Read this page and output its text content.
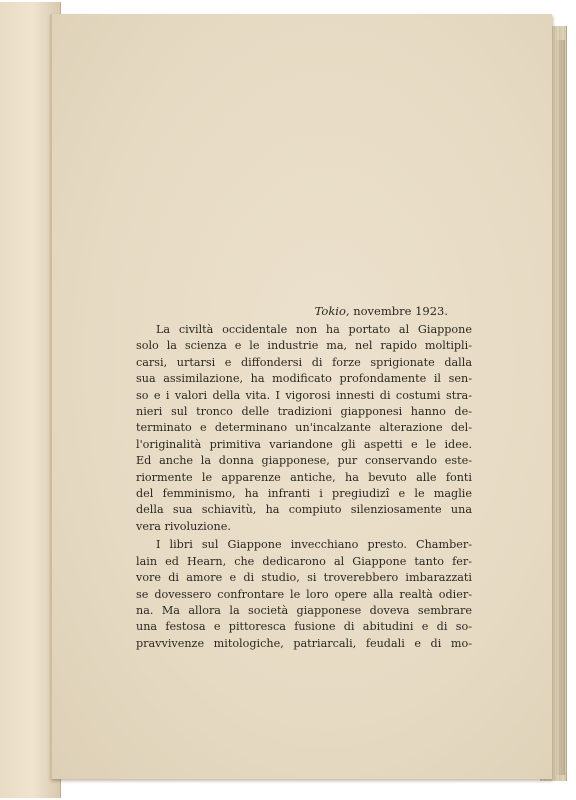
Tokio, novembre 1923.
La civiltà occidentale non ha portato al Giappone
solo la scienza e le industrie ma, nel rapido moltipli-
carsi, urtarsi e diffondersi di forze sprigionate dalla
sua assimilazione, ha modificato profondamente il sen-
so e i valori della vita. I vigorosi innesti di costumi stra-
nieri sul tronco delle tradizioni giapponesi hanno de-
terminato e determinano un'incalzante alterazione del-
l'originalità primitiva variandone gli aspetti e le idee.
Ed anche la donna giapponese, pur conservando este-
riormente le apparenze antiche, ha bevuto alle fonti
del femminismo, ha infranti i pregiudizî e le maglie
della sua schiavitù, ha compiuto silenziosamente una
vera rivoluzione.
I libri sul Giappone invecchiano presto. Chamber-
lain ed Hearn, che dedicarono al Giappone tanto fer-
vore di amore e di studio, si troverebbero imbarazzati
se dovessero confrontare le loro opere alla realtà odier-
na. Ma allora la società giapponese doveva sembrare
una festosa e pittoresca fusione di abitudini e di so-
pravvivenze mitologiche, patriarcali, feudali e di mo-
